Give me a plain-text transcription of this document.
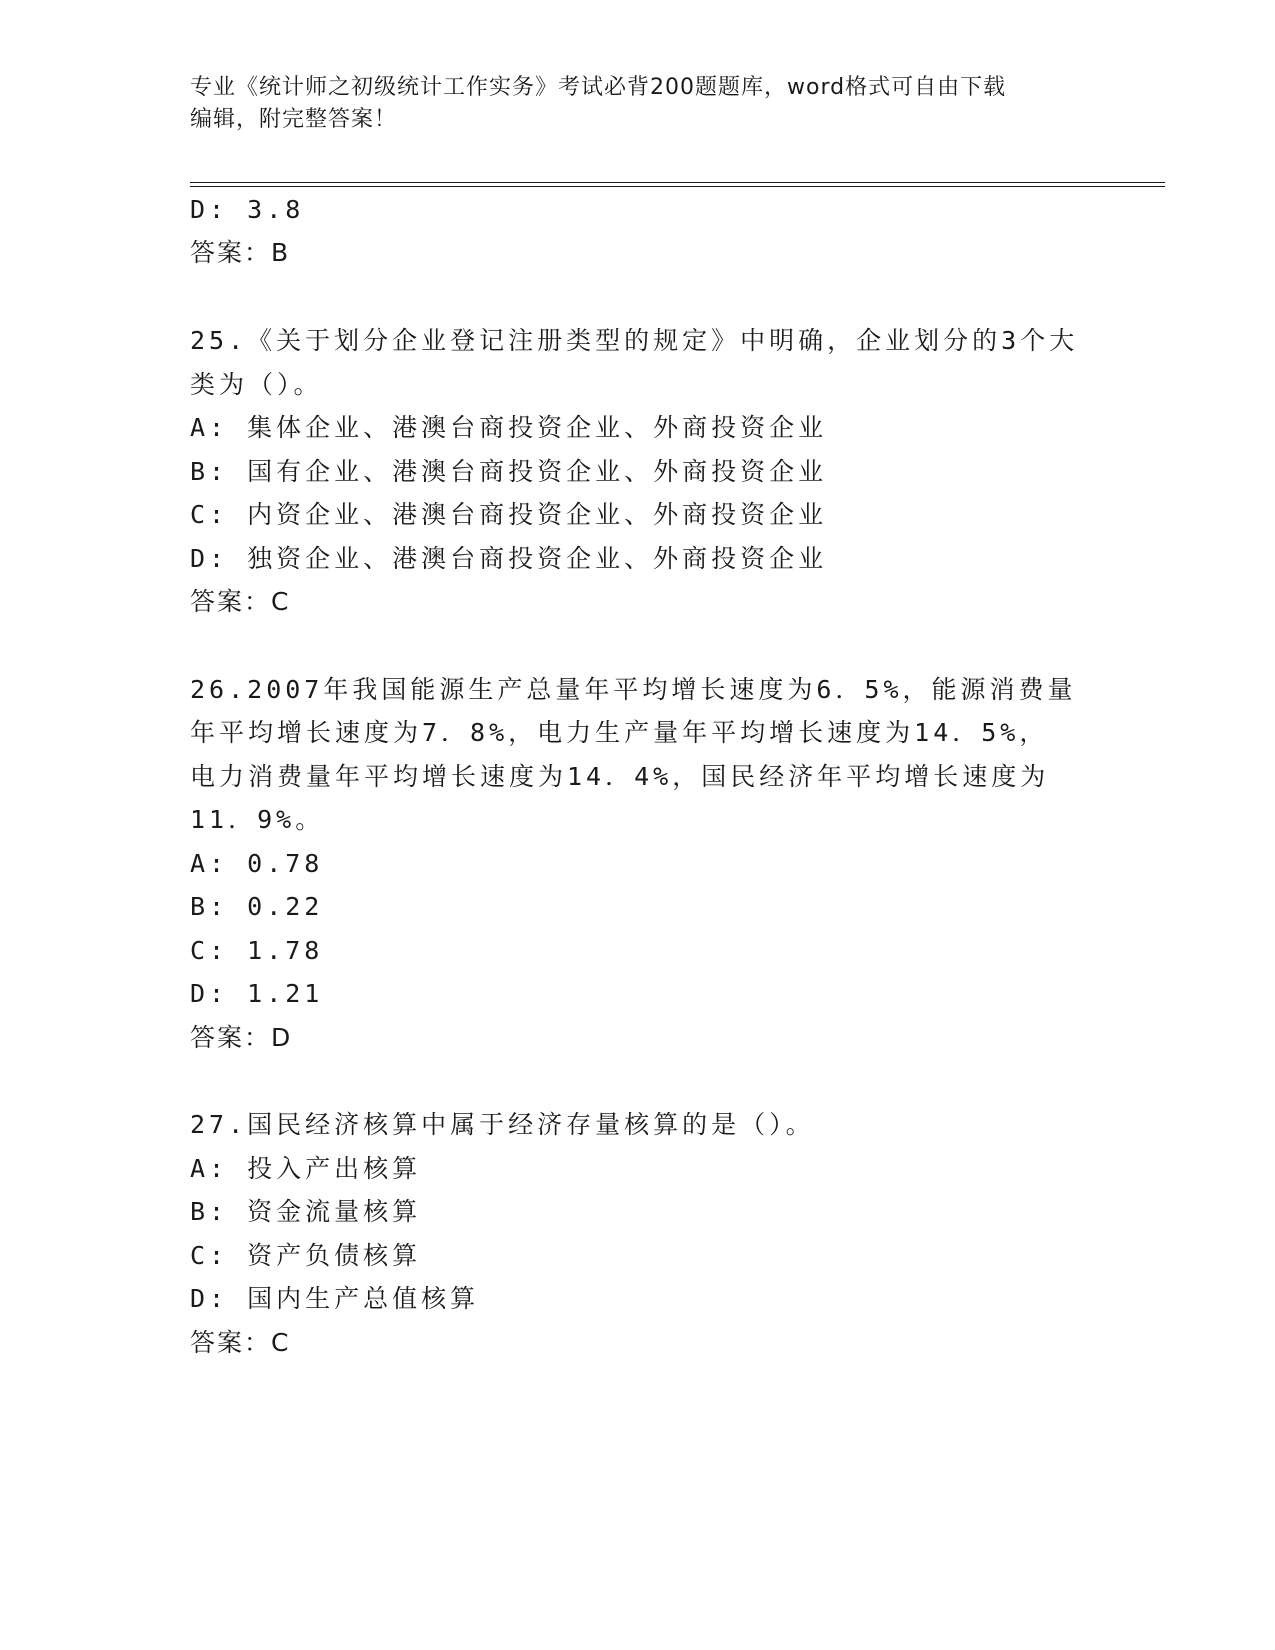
专业《统计师之初级统计工作实务》考试必背200题题库，word格式可自由下载
编辑，附完整答案！
D: 3.8
答案：B
25.《关于划分企业登记注册类型的规定》中明确，企业划分的3个大
类为（）。
A: 集体企业、港澳台商投资企业、外商投资企业
B: 国有企业、港澳台商投资企业、外商投资企业
C: 内资企业、港澳台商投资企业、外商投资企业
D: 独资企业、港澳台商投资企业、外商投资企业
答案：C
26.2007年我国能源生产总量年平均增长速度为6．5%，能源消费量
年平均增长速度为7．8%，电力生产量年平均增长速度为14．5%，
电力消费量年平均增长速度为14．4%，国民经济年平均增长速度为
11．9%。
A: 0.78
B: 0.22
C: 1.78
D: 1.21
答案：D
27.国民经济核算中属于经济存量核算的是（）。
A: 投入产出核算
B: 资金流量核算
C: 资产负债核算
D: 国内生产总值核算
答案：C
